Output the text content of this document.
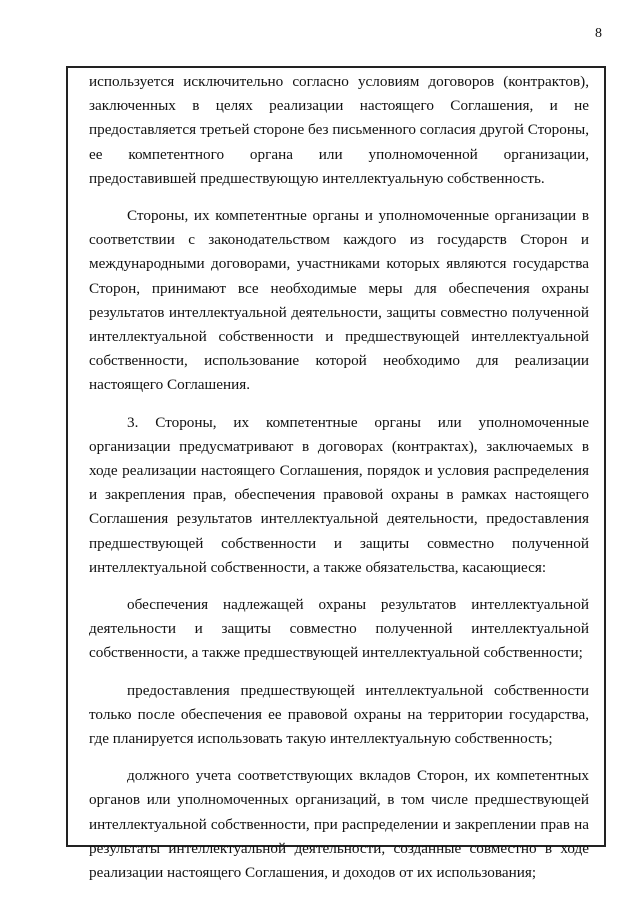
8

используется исключительно согласно условиям договоров (контрактов), заключенных в целях реализации настоящего Соглашения, и не предоставляется третьей стороне без письменного согласия другой Стороны, ее компетентного органа или уполномоченной организации, предоставившей предшествующую интеллектуальную собственность.

Стороны, их компетентные органы и уполномоченные организации в соответствии с законодательством каждого из государств Сторон и международными договорами, участниками которых являются государства Сторон, принимают все необходимые меры для обеспечения охраны результатов интеллектуальной деятельности, защиты совместно полученной интеллектуальной собственности и предшествующей интеллектуальной собственности, использование которой необходимо для реализации настоящего Соглашения.

3. Стороны, их компетентные органы или уполномоченные организации предусматривают в договорах (контрактах), заключаемых в ходе реализации настоящего Соглашения, порядок и условия распределения и закрепления прав, обеспечения правовой охраны в рамках настоящего Соглашения результатов интеллектуальной деятельности, предоставления предшествующей собственности и защиты совместно полученной интеллектуальной собственности, а также обязательства, касающиеся:

обеспечения надлежащей охраны результатов интеллектуальной деятельности и защиты совместно полученной интеллектуальной собственности, а также предшествующей интеллектуальной собственности;

предоставления предшествующей интеллектуальной собственности только после обеспечения ее правовой охраны на территории государства, где планируется использовать такую интеллектуальную собственность;

должного учета соответствующих вкладов Сторон, их компетентных органов или уполномоченных организаций, в том числе предшествующей интеллектуальной собственности, при распределении и закреплении прав на результаты интеллектуальной деятельности, созданные совместно в ходе реализации настоящего Соглашения, и доходов от их использования;
